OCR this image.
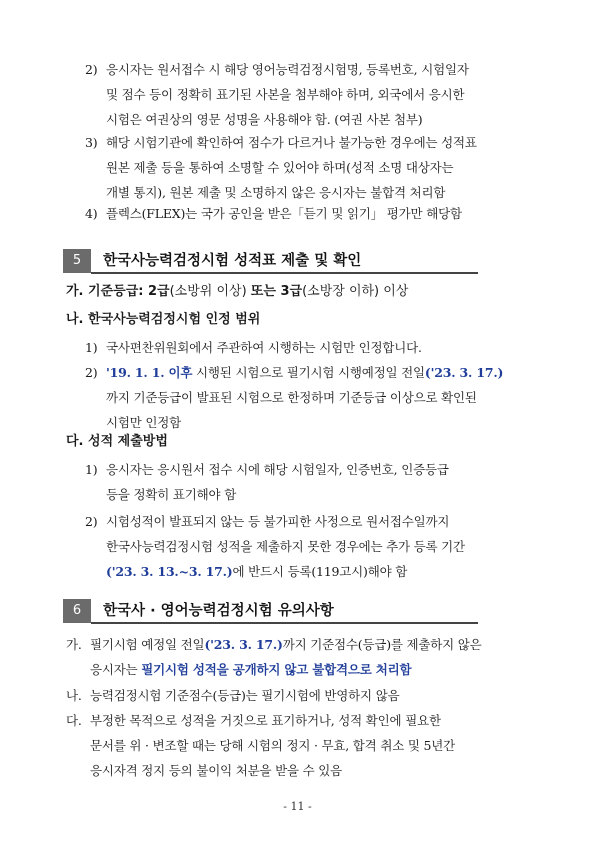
2) 응시자는 원서접수 시 해당 영어능력검정시험명, 등록번호, 시험일자
및 점수 등이 정확히 표기된 사본을 첨부해야 하며, 외국에서 응시한
시험은 여권상의 영문 성명을 사용해야 함. (여권 사본 첨부)
3) 해당 시험기관에 확인하여 점수가 다르거나 불가능한 경우에는 성적표
원본 제출 등을 통하여 소명할 수 있어야 하며(성적 소명 대상자는
개별 통지), 원본 제출 및 소명하지 않은 응시자는 불합격 처리함
4) 플렉스(FLEX)는 국가 공인을 받은「듣기 및 읽기」 평가만 해당함
5	한국사능력검정시험 성적표 제출 및 확인
가. 기준등급: 2급(소방위 이상) 또는 3급(소방장 이하) 이상
나. 한국사능력검정시험 인정 범위
1) 국사편찬위원회에서 주관하여 시행하는 시험만 인정합니다.
2) '19. 1. 1. 이후 시행된 시험으로 필기시험 시행예정일 전일('23. 3. 17.)
까지 기준등급이 발표된 시험으로 한정하며 기준등급 이상으로 확인된
시험만 인정함
다. 성적 제출방법
1) 응시자는 응시원서 접수 시에 해당 시험일자, 인증번호, 인증등급
등을 정확히 표기해야 함
2) 시험성적이 발표되지 않는 등 불가피한 사정으로 원서접수일까지
한국사능력검정시험 성적을 제출하지 못한 경우에는 추가 등록 기간
('23. 3. 13.~3. 17.)에 반드시 등록(119고시)해야 함
6	한국사 · 영어능력검정시험 유의사항
가. 필기시험 예정일 전일('23. 3. 17.)까지 기준점수(등급)를 제출하지 않은
응시자는 필기시험 성적을 공개하지 않고 불합격으로 처리함
나. 능력검정시험 기준점수(등급)는 필기시험에 반영하지 않음
다. 부정한 목적으로 성적을 거짓으로 표기하거나, 성적 확인에 필요한
문서를 위 · 변조할 때는 당해 시험의 정지 · 무효, 합격 취소 및 5년간
응시자격 정지 등의 불이익 처분을 받을 수 있음
- 11 -
